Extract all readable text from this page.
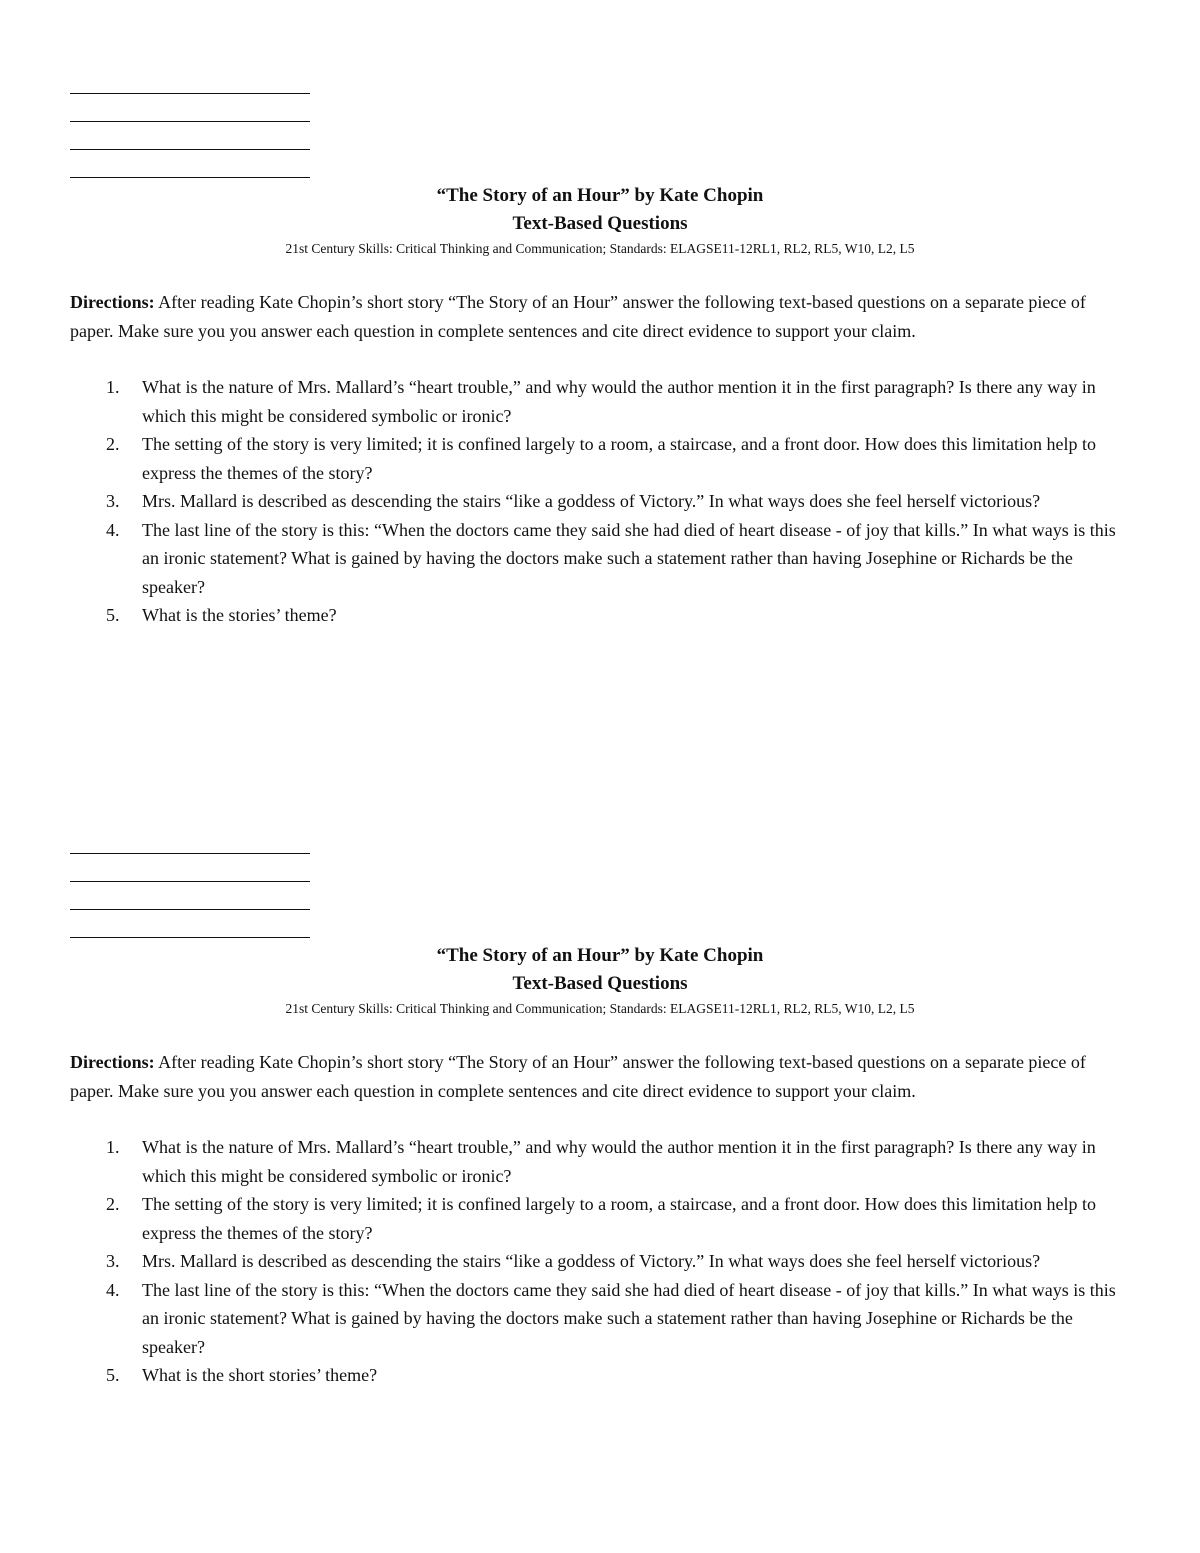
“The Story of an Hour” by Kate Chopin
Text-Based Questions
21st Century Skills: Critical Thinking and Communication; Standards: ELAGSE11-12RL1, RL2, RL5, W10, L2, L5
Directions: After reading Kate Chopin’s short story “The Story of an Hour” answer the following text-based questions on a separate piece of paper. Make sure you you answer each question in complete sentences and cite direct evidence to support your claim.
1. What is the nature of Mrs. Mallard’s “heart trouble,” and why would the author mention it in the first paragraph? Is there any way in which this might be considered symbolic or ironic?
2. The setting of the story is very limited; it is confined largely to a room, a staircase, and a front door. How does this limitation help to express the themes of the story?
3. Mrs. Mallard is described as descending the stairs “like a goddess of Victory.” In what ways does she feel herself victorious?
4. The last line of the story is this: “When the doctors came they said she had died of heart disease - of joy that kills.” In what ways is this an ironic statement? What is gained by having the doctors make such a statement rather than having Josephine or Richards be the speaker?
5. What is the stories’ theme?
“The Story of an Hour” by Kate Chopin
Text-Based Questions
21st Century Skills: Critical Thinking and Communication; Standards: ELAGSE11-12RL1, RL2, RL5, W10, L2, L5
Directions: After reading Kate Chopin’s short story “The Story of an Hour” answer the following text-based questions on a separate piece of paper. Make sure you you answer each question in complete sentences and cite direct evidence to support your claim.
1. What is the nature of Mrs. Mallard’s “heart trouble,” and why would the author mention it in the first paragraph? Is there any way in which this might be considered symbolic or ironic?
2. The setting of the story is very limited; it is confined largely to a room, a staircase, and a front door. How does this limitation help to express the themes of the story?
3. Mrs. Mallard is described as descending the stairs “like a goddess of Victory.” In what ways does she feel herself victorious?
4. The last line of the story is this: “When the doctors came they said she had died of heart disease - of joy that kills.” In what ways is this an ironic statement? What is gained by having the doctors make such a statement rather than having Josephine or Richards be the speaker?
5. What is the short stories’ theme?
